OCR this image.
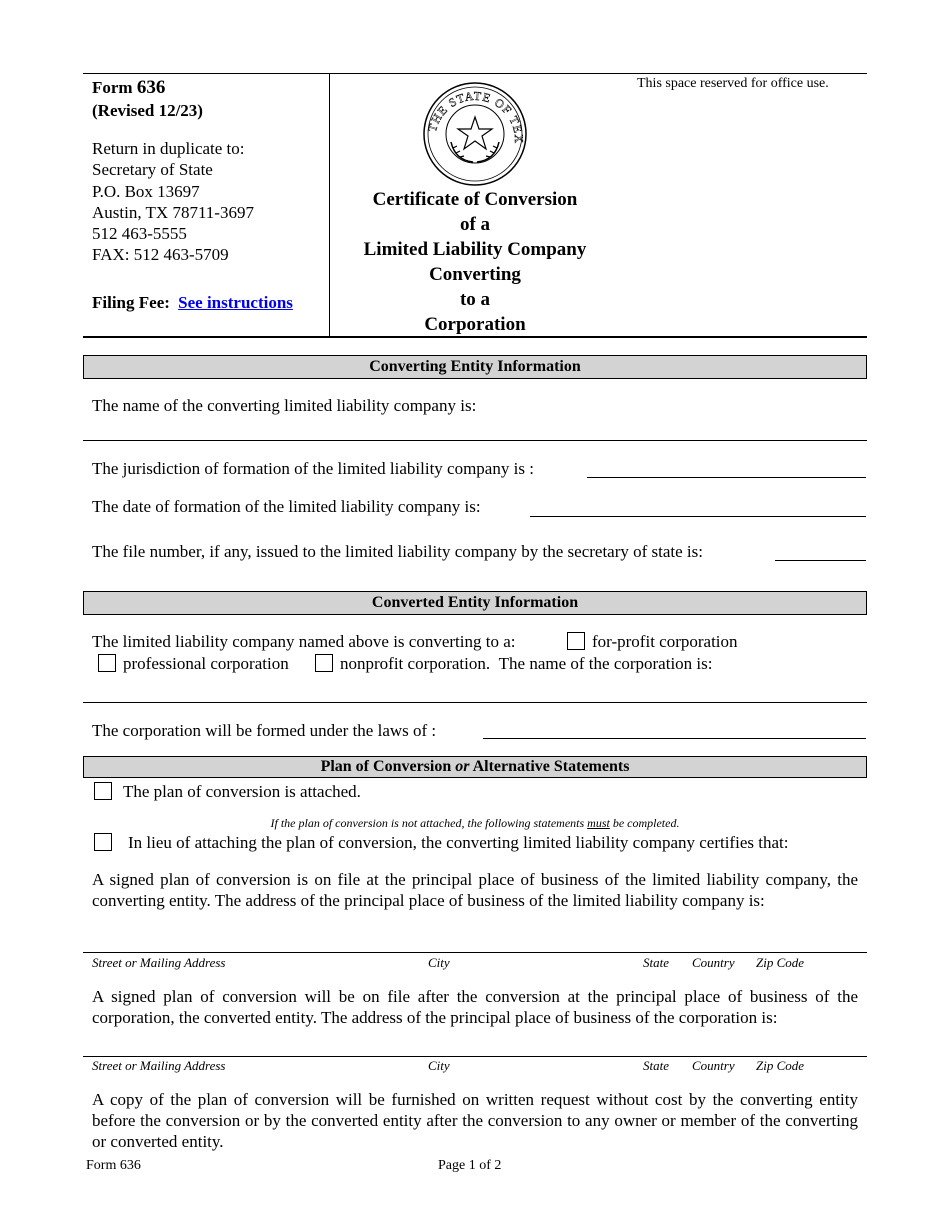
Form 636
(Revised 12/23)
Return in duplicate to:
Secretary of State
P.O. Box 13697
Austin, TX 78711-3697
512 463-5555
FAX: 512 463-5709
Filing Fee: See instructions
THE STATE OF TEX
Certificate of Conversion
of a
Limited Liability Company
Converting
to a
Corporation
This space reserved for office use.
Converting Entity Information
The name of the converting limited liability company is:
The jurisdiction of formation of the limited liability company is :
The date of formation of the limited liability company is:
The file number, if any, issued to the limited liability company by the secretary of state is:
Converted Entity Information
The limited liability company named above is converting to a:	for-profit corporation
professional corporation	nonprofit corporation. The name of the corporation is:
The corporation will be formed under the laws of :
Plan of Conversion or Alternative Statements
The plan of conversion is attached.
If the plan of conversion is not attached, the following statements must be completed.
In lieu of attaching the plan of conversion, the converting limited liability company certifies that:
A signed plan of conversion is on file at the principal place of business of the limited liability company, the converting entity. The address of the principal place of business of the limited liability company is:
Street or Mailing Address	City	State Country Zip Code
A signed plan of conversion will be on file after the conversion at the principal place of business of the corporation, the converted entity. The address of the principal place of business of the corporation is:
Street or Mailing Address	City	State Country Zip Code
A copy of the plan of conversion will be furnished on written request without cost by the converting entity before the conversion or by the converted entity after the conversion to any owner or member of the converting or converted entity.
Form 636	Page 1 of 2
